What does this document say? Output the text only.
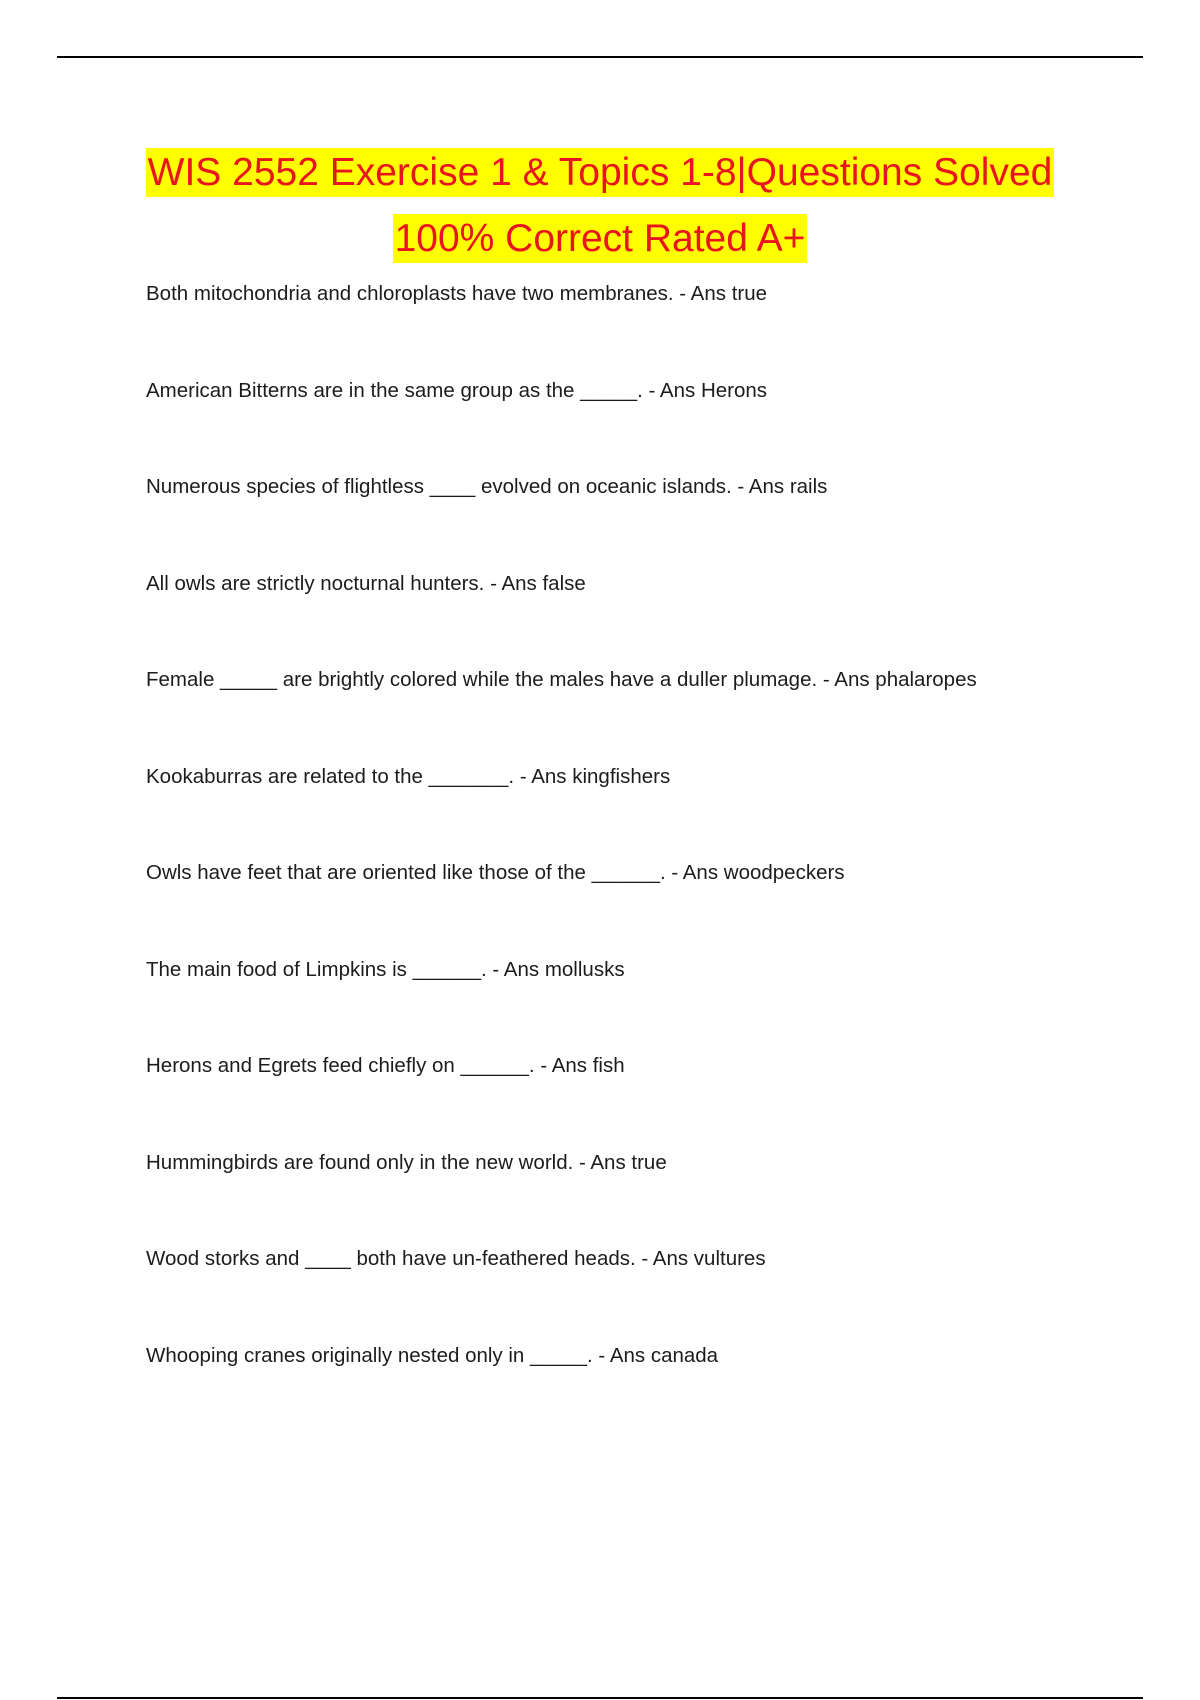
WIS 2552 Exercise 1 & Topics 1-8|Questions Solved 100% Correct Rated A+
Both mitochondria and chloroplasts have two membranes. - Ans true
American Bitterns are in the same group as the _____. - Ans Herons
Numerous species of flightless ____ evolved on oceanic islands. - Ans rails
All owls are strictly nocturnal hunters. - Ans false
Female _____ are brightly colored while the males have a duller plumage. - Ans phalaropes
Kookaburras are related to the _______. - Ans kingfishers
Owls have feet that are oriented like those of the ______. - Ans woodpeckers
The main food of Limpkins is ______. - Ans mollusks
Herons and Egrets feed chiefly on ______. - Ans fish
Hummingbirds are found only in the new world. - Ans true
Wood storks and ____ both have un-feathered heads. - Ans vultures
Whooping cranes originally nested only in _____. - Ans canada
